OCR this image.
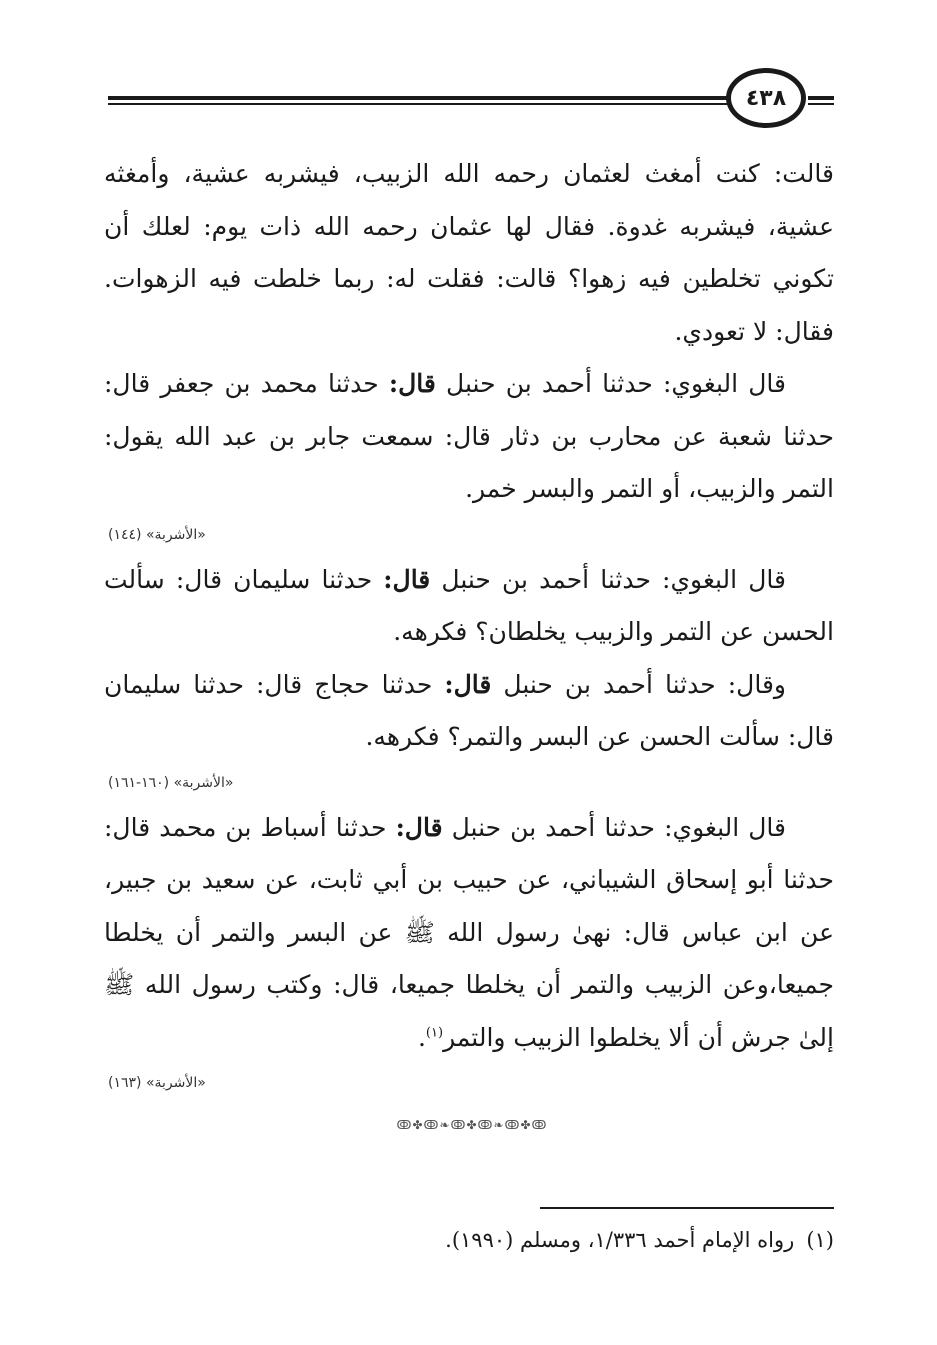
٤٣٨

قالت: كنت أمغث لعثمان رحمه الله الزبيب، فيشربه عشية، وأمغثه عشية، فيشربه غدوة. فقال لها عثمان رحمه الله ذات يوم: لعلك أن تكوني تخلطين فيه زهوا؟ قالت: فقلت له: ربما خلطت فيه الزهوات. فقال: لا تعودي.

قال البغوي: حدثنا أحمد بن حنبل قال: حدثنا محمد بن جعفر قال: حدثنا شعبة عن محارب بن دثار قال: سمعت جابر بن عبد الله يقول: التمر والزبيب، أو التمر والبسر خمر.

«الأشربة» (١٤٤)

قال البغوي: حدثنا أحمد بن حنبل قال: حدثنا سليمان قال: سألت الحسن عن التمر والزبيب يخلطان؟ فكرهه.

وقال: حدثنا أحمد بن حنبل قال: حدثنا حجاج قال: حدثنا سليمان قال: سألت الحسن عن البسر والتمر؟ فكرهه.

«الأشربة» (١٦٠-١٦١)

قال البغوي: حدثنا أحمد بن حنبل قال: حدثنا أسباط بن محمد قال: حدثنا أبو إسحاق الشيباني، عن حبيب بن أبي ثابت، عن سعيد بن جبير، عن ابن عباس قال: نهىٰ رسول الله ﷺ عن البسر والتمر أن يخلطا جميعا،وعن الزبيب والتمر أن يخلطا جميعا، قال: وكتب رسول الله ﷺ إلىٰ جرش أن ألا يخلطوا الزبيب والتمر$^{(١)}$.

«الأشربة» (١٦٣)
ↂ✤ↂ❧ↂ✤ↂ❧ↂ✤ↂ
(١)رواه الإمام أحمد ١/٣٣٦، ومسلم (١٩٩٠).
